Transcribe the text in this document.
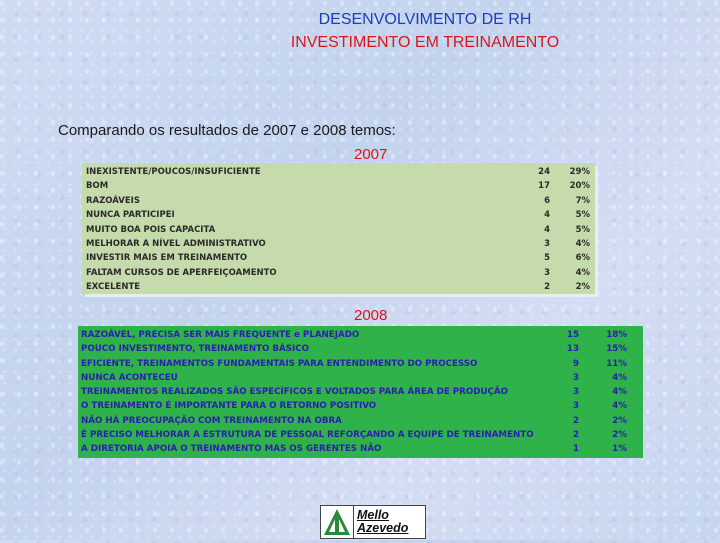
DESENVOLVIMENTO DE RH
INVESTIMENTO EM TREINAMENTO
Comparando os resultados de 2007 e 2008 temos:
2007
INEXISTENTE/POUCOS/INSUFICIENTE	24	29%
BOM	17	20%
RAZOÁVEIS	6	7%
NUNCA PARTICIPEI	4	5%
MUITO BOA POIS CAPACITA	4	5%
MELHORAR A NÍVEL ADMINISTRATIVO	3	4%
INVESTIR MAIS EM TREINAMENTO	5	6%
FALTAM CURSOS DE APERFEIÇOAMENTO	3	4%
EXCELENTE	2	2%
2008
RAZOÁVEL, PRECISA SER MAIS FREQUENTE e PLANEJADO	15	18%
POUCO INVESTIMENTO, TREINAMENTO BÁSICO	13	15%
EFICIENTE, TREINAMENTOS FUNDAMENTAIS PARA ENTENDIMENTO DO PROCESSO	9	11%
NUNCA ACONTECEU	3	4%
TREINAMENTOS REALIZADOS SÃO ESPECÍFICOS E VOLTADOS PARA ÁREA DE PRODUÇÃO	3	4%
O TREINAMENTO É IMPORTANTE PARA O RETORNO POSITIVO	3	4%
NÃO HÁ PREOCUPAÇÃO COM TREINAMENTO NA OBRA	2	2%
É PRECISO MELHORAR A ESTRUTURA DE PESSOAL REFORÇANDO A EQUIPE DE TREINAMENTO	2	2%
A DIRETORIA APOIA O TREINAMENTO MAS OS GERENTES NÃO	1	1%
Mello
Azevedo
